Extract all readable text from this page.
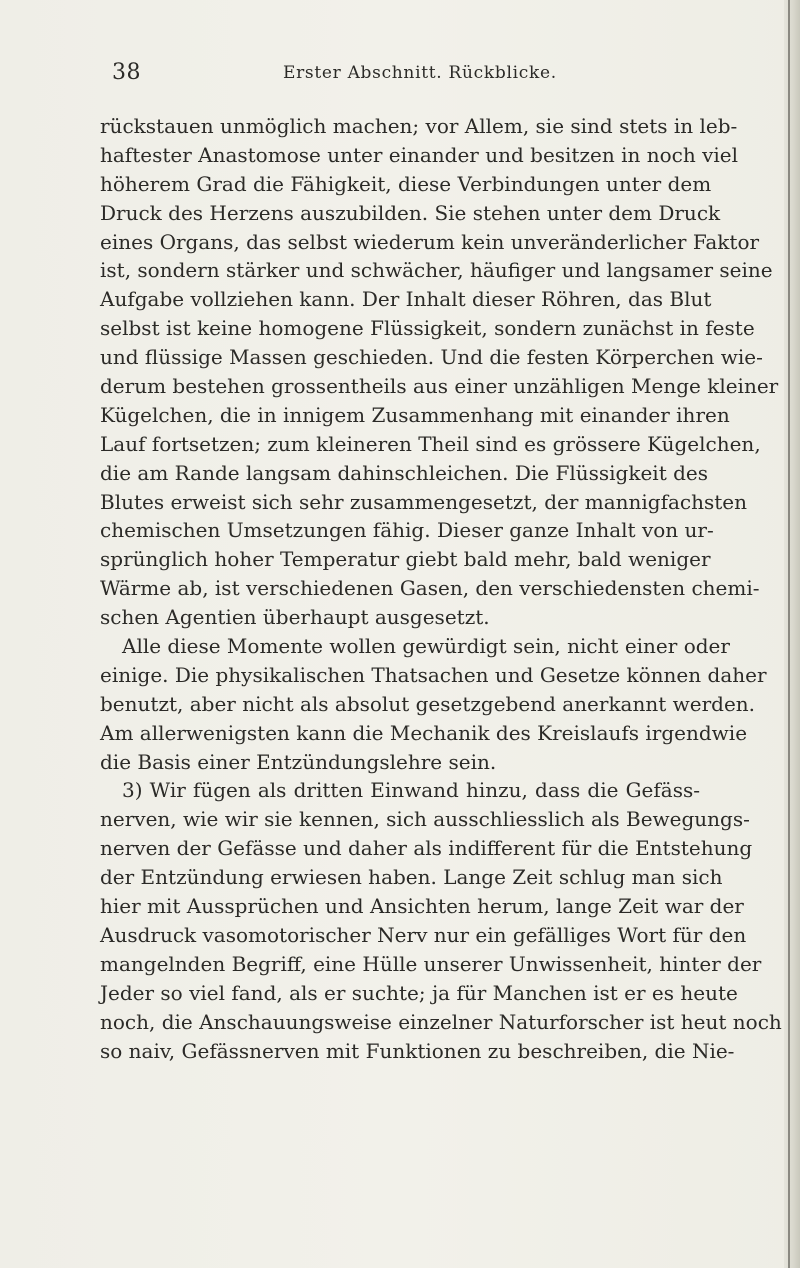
38	Erster Abschnitt. Rückblicke.
rückstauen unmöglich machen; vor Allem, sie sind stets in leb-
haftester Anastomose unter einander und besitzen in noch viel
höherem Grad die Fähigkeit, diese Verbindungen unter dem
Druck des Herzens auszubilden. Sie stehen unter dem Druck
eines Organs, das selbst wiederum kein unveränderlicher Faktor
ist, sondern stärker und schwächer, häufiger und langsamer seine
Aufgabe vollziehen kann. Der Inhalt dieser Röhren, das Blut
selbst ist keine homogene Flüssigkeit, sondern zunächst in feste
und flüssige Massen geschieden. Und die festen Körperchen wie-
derum bestehen grossentheils aus einer unzähligen Menge kleiner
Kügelchen, die in innigem Zusammenhang mit einander ihren
Lauf fortsetzen; zum kleineren Theil sind es grössere Kügelchen,
die am Rande langsam dahinschleichen. Die Flüssigkeit des
Blutes erweist sich sehr zusammengesetzt, der mannigfachsten
chemischen Umsetzungen fähig. Dieser ganze Inhalt von ur-
sprünglich hoher Temperatur giebt bald mehr, bald weniger
Wärme ab, ist verschiedenen Gasen, den verschiedensten chemi-
schen Agentien überhaupt ausgesetzt.
Alle diese Momente wollen gewürdigt sein, nicht einer oder
einige. Die physikalischen Thatsachen und Gesetze können daher
benutzt, aber nicht als absolut gesetzgebend anerkannt werden.
Am allerwenigsten kann die Mechanik des Kreislaufs irgendwie
die Basis einer Entzündungslehre sein.
3) Wir fügen als dritten Einwand hinzu, dass die Gefäss-
nerven, wie wir sie kennen, sich ausschliesslich als Bewegungs-
nerven der Gefässe und daher als indifferent für die Entstehung
der Entzündung erwiesen haben. Lange Zeit schlug man sich
hier mit Aussprüchen und Ansichten herum, lange Zeit war der
Ausdruck vasomotorischer Nerv nur ein gefälliges Wort für den
mangelnden Begriff, eine Hülle unserer Unwissenheit, hinter der
Jeder so viel fand, als er suchte; ja für Manchen ist er es heute
noch, die Anschauungsweise einzelner Naturforscher ist heut noch
so naiv, Gefässnerven mit Funktionen zu beschreiben, die Nie-
